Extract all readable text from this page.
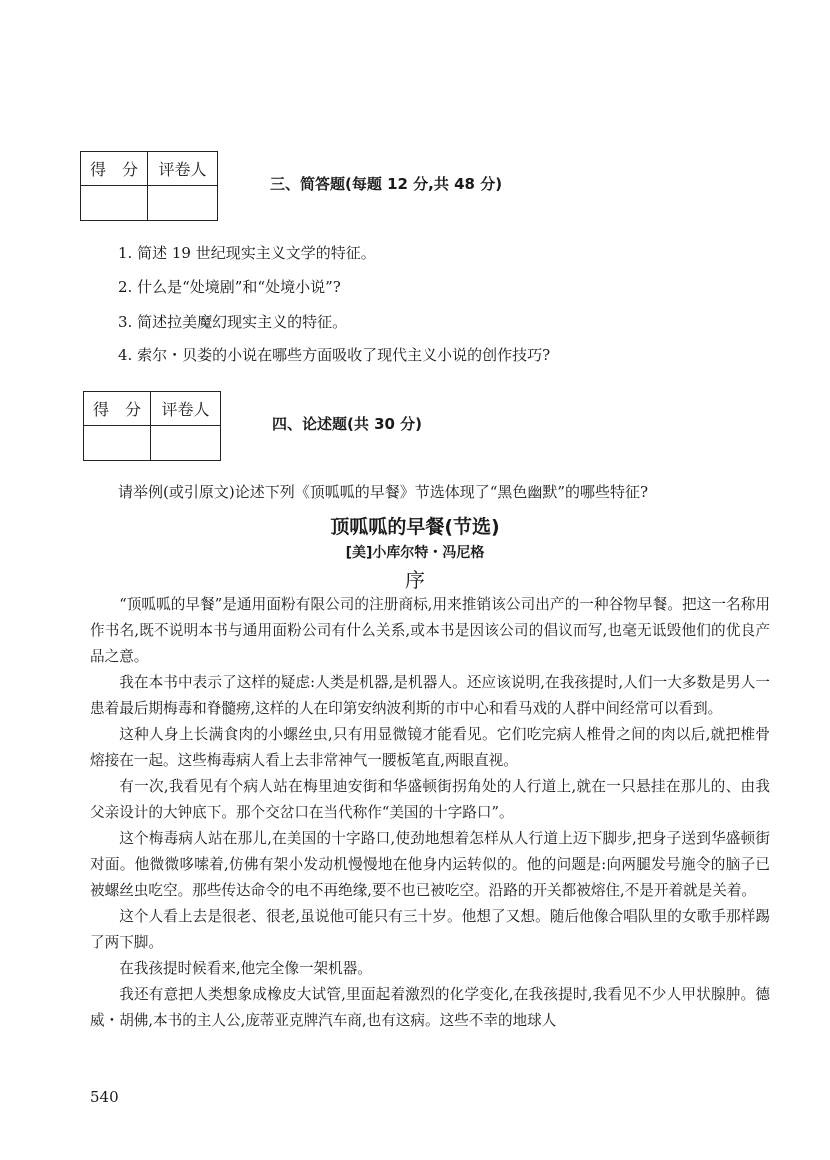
得　分	评卷人

三、简答题(每题 12 分,共 48 分)
1. 简述 19 世纪现实主义文学的特征。
2. 什么是“处境剧”和“处境小说”?
3. 简述拉美魔幻现实主义的特征。
4. 索尔・贝娄的小说在哪些方面吸收了现代主义小说的创作技巧?
得　分	评卷人

四、论述题(共 30 分)
请举例(或引原文)论述下列《顶呱呱的早餐》节选体现了“黑色幽默”的哪些特征?
顶呱呱的早餐(节选)
[美]小库尔特・冯尼格
序

“顶呱呱的早餐”是通用面粉有限公司的注册商标,用来推销该公司出产的一种谷物早餐。把这一名称用作书名,既不说明本书与通用面粉公司有什么关系,或本书是因该公司的倡议而写,也毫无诋毁他们的优良产品之意。

我在本书中表示了这样的疑虑:人类是机器,是机器人。还应该说明,在我孩提时,人们一大多数是男人一患着最后期梅毒和脊髓痨,这样的人在印第安纳波利斯的市中心和看马戏的人群中间经常可以看到。

这种人身上长满食肉的小螺丝虫,只有用显微镜才能看见。它们吃完病人椎骨之间的肉以后,就把椎骨熔接在一起。这些梅毒病人看上去非常神气一腰板笔直,两眼直视。

有一次,我看见有个病人站在梅里迪安街和华盛顿街拐角处的人行道上,就在一只悬挂在那儿的、由我父亲设计的大钟底下。那个交岔口在当代称作“美国的十字路口”。

这个梅毒病人站在那儿,在美国的十字路口,使劲地想着怎样从人行道上迈下脚步,把身子送到华盛顿街对面。他微微哆嗦着,仿佛有架小发动机慢慢地在他身内运转似的。他的问题是:向两腿发号施令的脑子已被螺丝虫吃空。那些传达命令的电不再绝缘,要不也已被吃空。沿路的开关都被熔住,不是开着就是关着。

这个人看上去是很老、很老,虽说他可能只有三十岁。他想了又想。随后他像合唱队里的女歌手那样踢了两下脚。

在我孩提时候看来,他完全像一架机器。

我还有意把人类想象成橡皮大试管,里面起着激烈的化学变化,在我孩提时,我看见不少人甲状腺肿。德威・胡佛,本书的主人公,庞蒂亚克牌汽车商,也有这病。这些不幸的地球人

540
